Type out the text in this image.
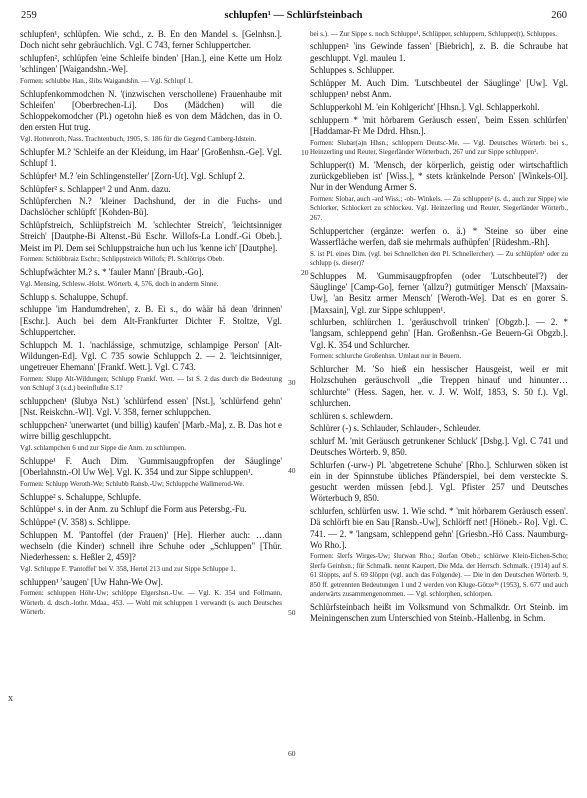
259	schlupfen¹ — Schlürfsteinbach	260

schlupfen¹, schlüpfen. Wie schd., z. B. En den Mandel s. [Gelnhsn.]. Doch nicht sehr gebräuchlich. Vgl. C 743, ferner Schluppertcher.

schlupfen², schlüpfen 'eine Schleife binden' [Han.], eine Kette um Holz 'schlingen' [Waigandshn.-We].

Formen: schlubbe Han., šlibs Waigandshn. — Vgl. Schlupf 1.

Schlupfenkommodchen N. '(inzwischen verschollene) Frauenhaube mit Schleifen' [Oberbrechen-Li]. Dos (Mädchen) will die Schloppekomodcher (Pl.) ogetohn hieß es von dem Mädchen, das in O. den ersten Hut trug.

Vgl. Hottenroth, Nass. Trachtenbuch, 1905, S. 186 für die Gegend Camberg-Idstein.

Schlupfer M.? 'Schleife an der Kleidung, im Haar' [Großenhsn.-Ge]. Vgl. Schlupf 1.

Schlüpfer¹ M.? 'ein Schlingensteller' [Zorn-Ut]. Vgl. Schlupf 2.

Schlüpfer² s. Schlapper¹ 2 und Anm. dazu.

Schlüpferchen N.? 'kleiner Dachshund, der in die Fuchs- und Dachslöcher schlüpft' [Kohden-Bü].

Schlüpfstreich, Schlüpfstreich M. 'schlechter Streich', 'leichtsinniger Streich' [Dautphe-Bi Altenst.-Bü Eschr. Willofs-La Londf.-Gi Obeb.]. Meist im Pl. Dem sei Schluppstraiche hun uch lus 'kenne ich' [Dautphe].

Formen: Schlöbbraiz Eschr.; Schlippstreich Willofs; Pl. Schlötrips Obeb.

Schlupfwächter M.? s. * 'fauler Mann' [Braub.-Go].

Vgl. Mensing, Schlesw.-Holst. Wörterb. 4, 576, doch in anderm Sinne.

Schlupp s. Schaluppe, Schupf.

schluppe 'im Handumdrehen', z. B. Ei s., do wäär hä dean 'drinnen' [Eschr.]. Auch bei dem Alt-Frankfurter Dichter F. Stoltze, Vgl. Schluppertcher.

Schluppch M. 1. 'nachlässige, schmutzige, schlampige Person' [Alt-Wildungen-Ed]. Vgl. C 735 sowie Schluppch 2. — 2. 'leichtsinniger, ungetreuer Ehemann' [Frankf. Wett.]. Vgl. C 743.

Formen: Slupp Alt-Wildungen; Schlupp Frankf. Wett. — Ist S. 2 das durch die Bedeutung von Schlupf 3 (s.d.) beeinflußte S.1?

schluppchen¹ (šlubχə Nst.) 'schlürfend essen' [Nst.], 'schlürfend gehn' [Nst. Reiskchn.-Wl]. Vgl. V. 358, ferner schluppchen.

schluppchen² 'unerwartet (und billig) kaufen' [Marb.-Ma], z. B. Das hot e wirre billig geschluppcht.

Vgl. schlampchen 6 und zur Sippe die Anm. zu schlumpen.

Schluppe¹ F. Auch Dim. 'Gummisaugpfropfen der Säuglinge' [Oberlahnstn.-Ol Uw We]. Vgl. K. 354 und zur Sippe schluppen¹.

Formen: Schlupp Weroth-We; Schlubb Ransb.-Uw; Schluppche Wallmerod-We.

Schluppe² s. Schaluppe, Schlupfe.

Schlüppe¹ s. in der Anm. zu Schlupf die Form aus Petersbg.-Fu.

Schlüppe² (V. 358) s. Schlippe.

Schluppen M. 'Pantoffel (der Frauen)' [He]. Hierher auch: …dann wechseln (die Kinder) schnell ihre Schuhe oder „Schluppen" [Thür. Niederhessen: s. Heßler 2, 459]?

Vgl. Schluppe F. 'Pantoffel' bei V. 358, Hertel 213 und zur Sippe Schluppe 1.

schluppen¹ 'saugen' [Uw Hahn-We Ow].

Formen: schluppen Höhr-Uw; schlöppe Elgershsn.-Uw. — Vgl. K. 354 und Follmann, Wörterb. d. dtsch.-lothr. Mdaa., 453. — Wohl mit schluppen 1 verwandt (s. auch Deutsches Wörterb.

bei s.). — Zur Sippe s. noch Schluppe¹, Schlüpper, schluppern, Schlupper(t), Schluppes.

schluppen² 'ins Gewinde fassen' [Biebrich], z. B. die Schraube hat geschluppt. Vgl. mauleu 1.

Schluppes s. Schlupper.

Schlüpper M. Auch Dim. 'Lutschbeutel der Säuglinge' [Uw]. Vgl. schluppen¹ nebst Anm.

Schlupperkohl M. 'ein Kohlgericht' [Hhsn.]. Vgl. Schlapperkohl.

schluppern * 'mit hörbarem Geräusch essen', 'beim Essen schlürfen' [Haddamar-Fr Me Ddrd. Hhsn.].

Formen: Slubar(ə)n Hhsn.; schloppern Deutsc-Me. — Vgl. Deutsches Wörterb. bei s., Heinzerling und Reuter, Siegerländer Wörterbuch, 267 und zur Sippe schluppen¹.

Schlupper(t) M. 'Mensch, der körperlich, geistig oder wirtschaftlich zurückgeblieben ist' [Wiss.], * stets kränkelnde Person' [Winkels-Ol]. Nur in der Wendung Armer S.

Formen: Slobar, auch -ərd Wiss.; -ob- Winkels. — Zu schluppen² (s. d., auch zur Sippe) wie Schlorker, Schlockert zu schlockeu. Vgl. Heinzerling und Reuter, Siegerländer Wörterb., 267.

Schluppertcher (ergänze: werfen o. ä.) * 'Steine so über eine Wasserfläche werfen, daß sie mehrmals aufhüpfen' [Rüdeshm.-Rh].

S. ist Pl. eines Dim. (vgl. bei Schnellchen den Pl. Schnellercher). — Zu schlüpfen¹ oder zu schlupp (s. dieser)?

Schluppes M. 'Gummisaugpfropfen (oder 'Lutschbeutel'?) der Säuglinge' [Camp-Go], ferner '(allzu?) gutmütiger Mensch' [Maxsain-Uw], 'an Besitz armer Mensch' [Weroth-We]. Dat es en gorer S. [Maxsain], Vgl. zur Sippe schluppen¹.

schlurben, schlürchen 1. 'geräuschvoll trinken' [Obgzb.]. — 2. * 'langsam, schleppend gehn' [Han. Großenhsn.-Ge Beuern-Gi Obgzb.]. Vgl. K. 354 und Schlurcher.

Formen: schlurche Großenhsn. Umlaut nur in Beuern.

Schlurcher M. 'So hieß ein hessischer Hausgeist, weil er mit Holzschuhen geräuschvoll „die Treppen hinauf und hinunter…schlurchte" (Hess. Sagen, her. v. J. W. Wolf, 1853, S. 50 f.). Vgl. schlurchen.

schlüren s. schlewdern.

Schlürer (-) s. Schlauder, Schlauder-, Schleuder.

schlurf M. 'mit Geräusch getrunkener Schluck' [Dsbg.]. Vgl. C 741 und Deutsches Wörterb. 9, 850.

Schlurfen (-urw-) Pl. 'abgetretene Schuhe' [Rho.]. Schlurwen söken ist ein in der Spinnstube übliches Pfänderspiel, bei dem versteckte S. gesucht werden müssen [ebd.]. Vgl. Pfister 257 und Deutsches Wörterbuch 9, 850.

schlurfen, schlürfen usw. 1. Wie schd. * 'mit hörbarem Geräusch essen'. Dä schlörft bie en Sau [Ransb.-Uw], Schlörff net! [Höneb.- Ro]. Vgl. C. 741. — 2. * 'langsam, schleppend gehn' [Griesbn.-Hö Cass. Naumburg-Wo Rho.].

Formen: šlerfs Wirges-Uw; šlurwən Rho.; šlorfən Obeb.; schlörwe Klein-Eichen-Scho; šlerfə Geinhsn.; für Schmalk. nennt Kaupert, Die Mda. der Herrsch. Schmalk. (1914) auf S. 61 šlöppts, auf S. 69 šlöppn (vgl. auch das Folgende). — Die in den Deutschen Wörterb. 9, 850 ff. getrennten Bedeutungen 1 und 2 werden von Kluge-Götze¹⁶ (1953), S. 677 und auch anderwärts zusammengenommen. — Vgl. schlorphen, schlorpen.

Schlürfsteinbach heißt im Volksmund von Schmalkdr. Ort Steinb. im Meiningenschen zum Unterschied von Steinb.-Hallenbg. in Schm.

10
20
30
40
50
60
x
